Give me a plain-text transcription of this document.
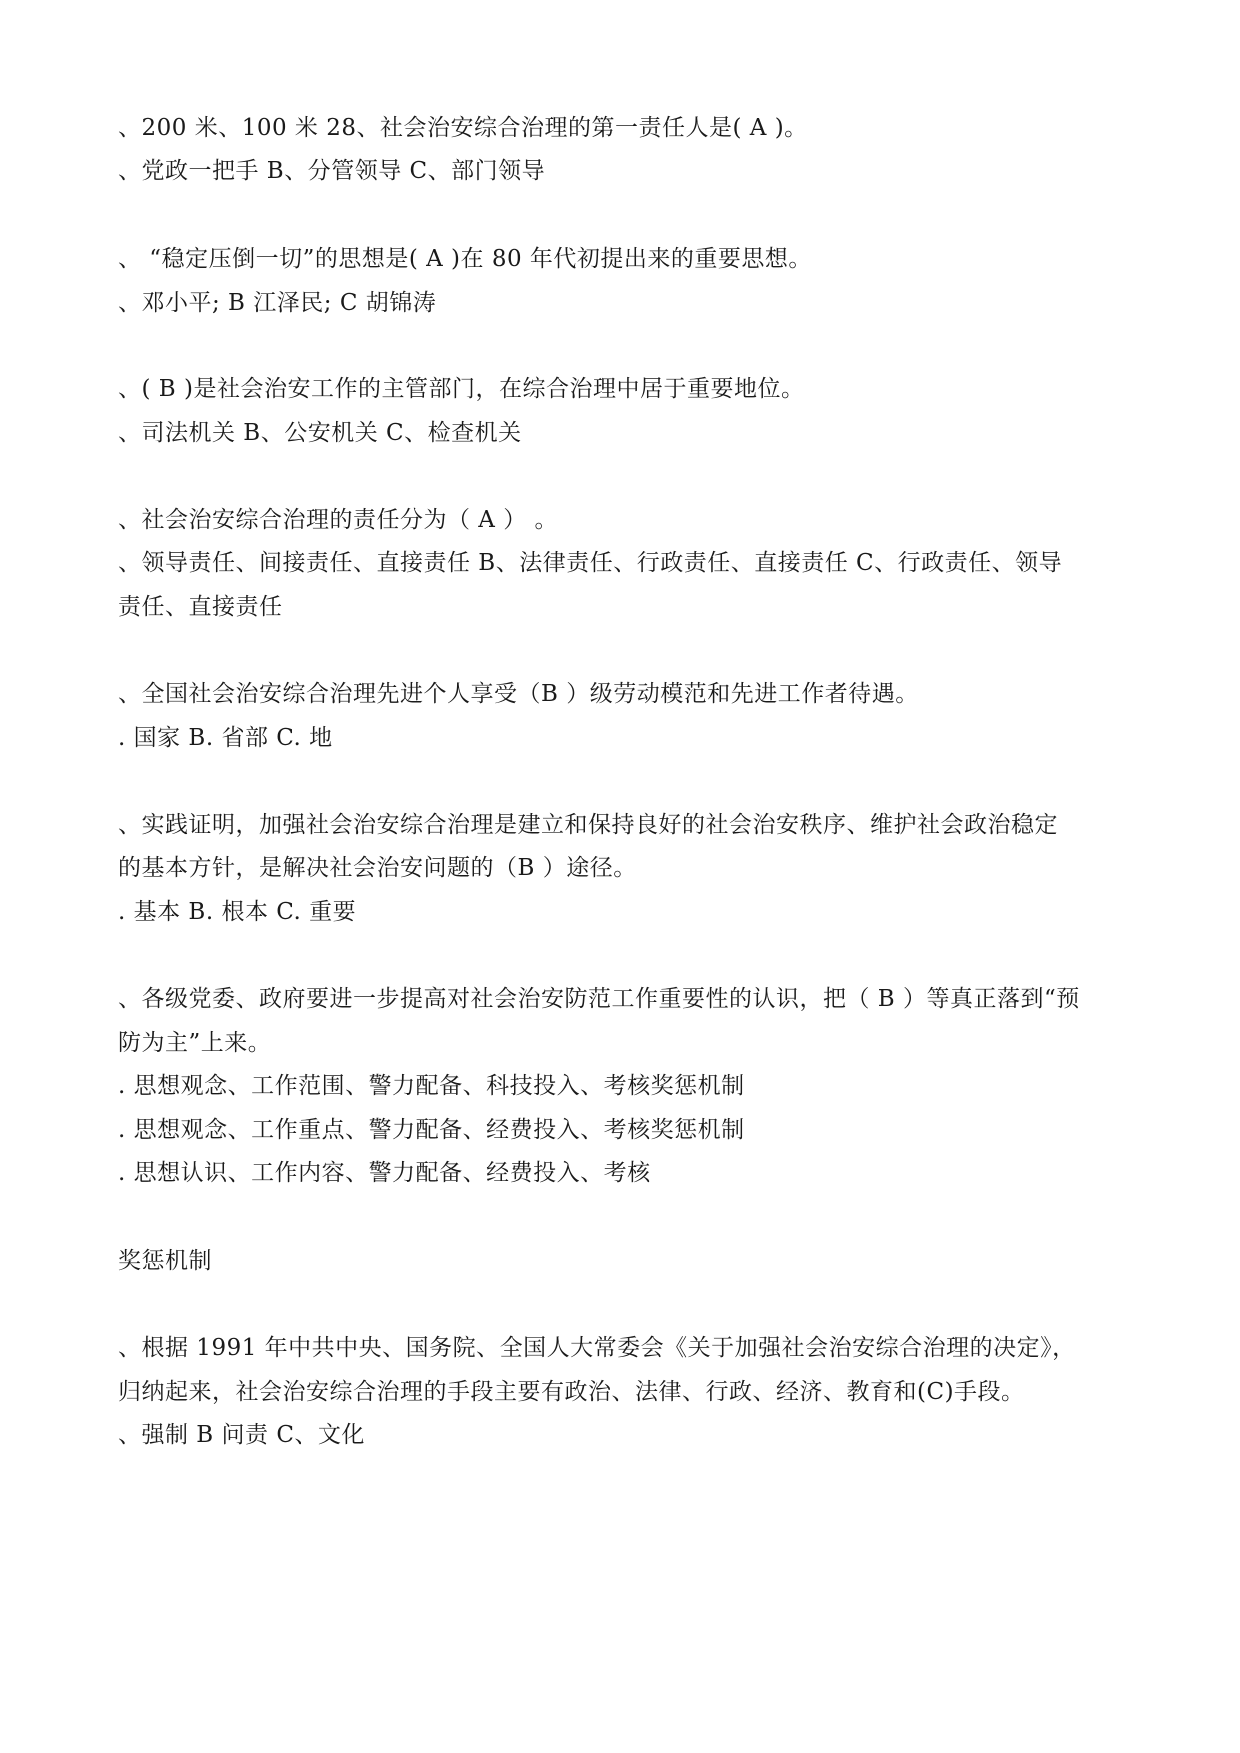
、200 米、100 米 28、社会治安综合治理的第一责任人是( A )。
、党政一把手 B、分管领导 C、部门领导
、 “稳定压倒一切”的思想是( A )在 80 年代初提出来的重要思想。
、邓小平; B 江泽民; C 胡锦涛
、( B )是社会治安工作的主管部门，在综合治理中居于重要地位。
、司法机关 B、公安机关 C、检查机关
、社会治安综合治理的责任分为（ A ） 。
、领导责任、间接责任、直接责任 B、法律责任、行政责任、直接责任 C、行政责任、领导
责任、直接责任
、全国社会治安综合治理先进个人享受（B ）级劳动模范和先进工作者待遇。
. 国家 B. 省部 C. 地
、实践证明，加强社会治安综合治理是建立和保持良好的社会治安秩序、维护社会政治稳定
的基本方针，是解决社会治安问题的（B ）途径。
. 基本 B. 根本 C. 重要
、各级党委、政府要进一步提高对社会治安防范工作重要性的认识，把（ B ）等真正落到“预
防为主”上来。
. 思想观念、工作范围、警力配备、科技投入、考核奖惩机制
. 思想观念、工作重点、警力配备、经费投入、考核奖惩机制
. 思想认识、工作内容、警力配备、经费投入、考核
奖惩机制
、根据 1991 年中共中央、国务院、全国人大常委会《关于加强社会治安综合治理的决定》，
归纳起来，社会治安综合治理的手段主要有政治、法律、行政、经济、教育和(C)手段。
、强制 B 问责 C、文化
